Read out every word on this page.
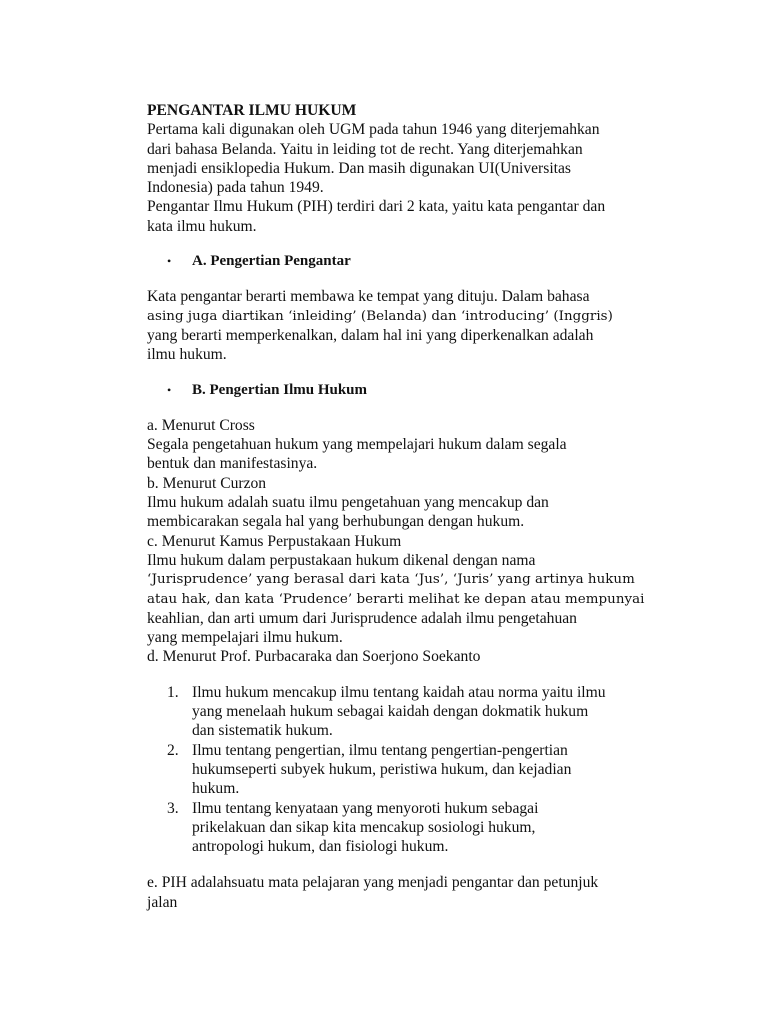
PENGANTAR ILMU HUKUM
Pertama kali digunakan oleh UGM pada tahun 1946 yang diterjemahkan
dari bahasa Belanda. Yaitu in leiding tot de recht. Yang diterjemahkan
menjadi ensiklopedia Hukum. Dan masih digunakan UI(Universitas
Indonesia) pada tahun 1949.
Pengantar Ilmu Hukum (PIH) terdiri dari 2 kata, yaitu kata pengantar dan
kata ilmu hukum.
•	A. Pengertian Pengantar
Kata pengantar berarti membawa ke tempat yang dituju. Dalam bahasa
asing juga diartikan ‘inleiding’ (Belanda) dan ‘introducing’ (Inggris)
yang berarti memperkenalkan, dalam hal ini yang diperkenalkan adalah
ilmu hukum.
•	B. Pengertian Ilmu Hukum
a. Menurut Cross
Segala pengetahuan hukum yang mempelajari hukum dalam segala
bentuk dan manifestasinya.
b. Menurut Curzon
Ilmu hukum adalah suatu ilmu pengetahuan yang mencakup dan
membicarakan segala hal yang berhubungan dengan hukum.
c. Menurut Kamus Perpustakaan Hukum
Ilmu hukum dalam perpustakaan hukum dikenal dengan nama
‘Jurisprudence’ yang berasal dari kata ‘Jus’, ‘Juris’ yang artinya hukum
atau hak, dan kata ‘Prudence’ berarti melihat ke depan atau mempunyai
keahlian, dan arti umum dari Jurisprudence adalah ilmu pengetahuan
yang mempelajari ilmu hukum.
d. Menurut Prof. Purbacaraka dan Soerjono Soekanto
1. Ilmu hukum mencakup ilmu tentang kaidah atau norma yaitu ilmu
yang menelaah hukum sebagai kaidah dengan dokmatik hukum
dan sistematik hukum.
2. Ilmu tentang pengertian, ilmu tentang pengertian-pengertian
hukumseperti subyek hukum, peristiwa hukum, dan kejadian
hukum.
3. Ilmu tentang kenyataan yang menyoroti hukum sebagai
prikelakuan dan sikap kita mencakup sosiologi hukum,
antropologi hukum, dan fisiologi hukum.
e. PIH adalahsuatu mata pelajaran yang menjadi pengantar dan petunjuk
jalan
